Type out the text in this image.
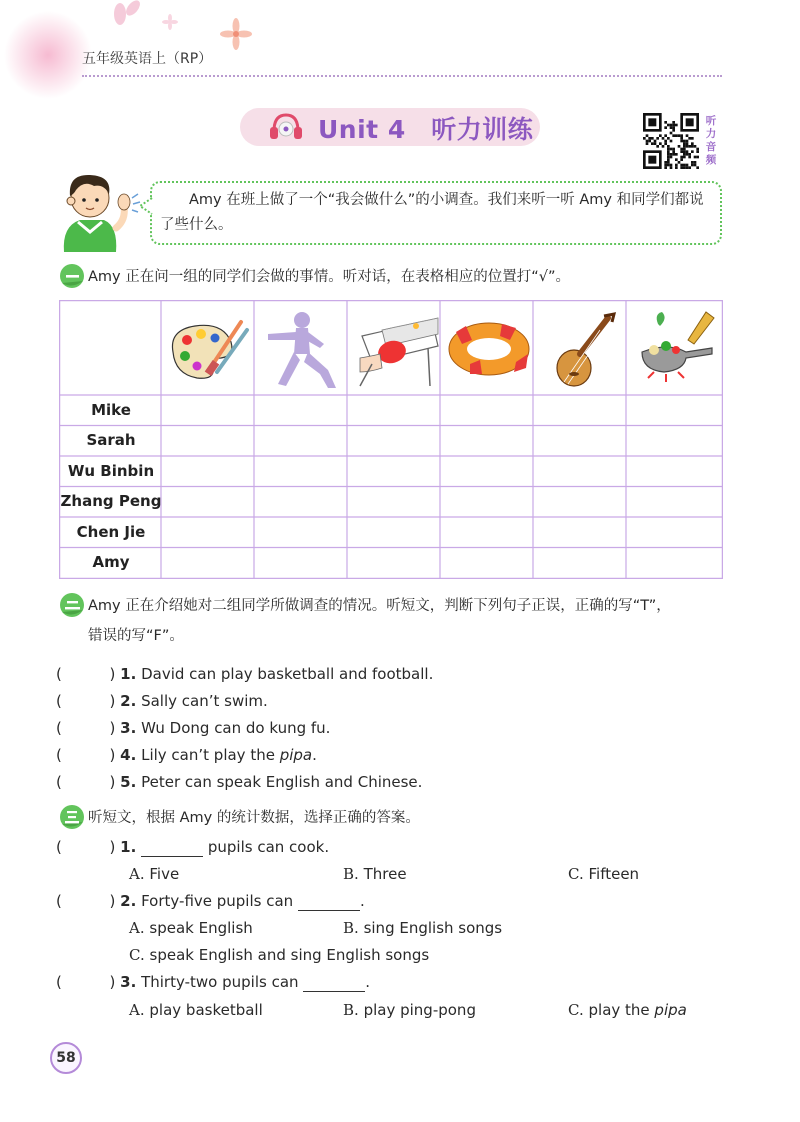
五年级英语上（RP）
Unit 4　听力训练	听力音频
Amy 在班上做了一个“我会做什么”的小调查。我们来听一听 Amy 和同学们都说了些什么。
Amy 正在问一组的同学们会做的事情。听对话，在表格相应的位置打“√”。
Mike
Sarah
Wu Binbin
Zhang Peng
Chen Jie
Amy
Amy 正在介绍她对二组同学所做调查的情况。听短文，判断下列句子正误，正确的写“T”，
错误的写“F”。
(          ) 1. David can play basketball and football.
(          ) 2. Sally can’t swim.
(          ) 3. Wu Dong can do kung fu.
(          ) 4. Lily can’t play the pipa.
(          ) 5. Peter can speak English and Chinese.
听短文，根据 Amy 的统计数据，选择正确的答案。
(          ) 1.	pupils can cook.
A. Five	B. Three	C. Fifteen
(          ) 2. Forty-five pupils can	.
A. speak English	B. sing English songs
C. speak English and sing English songs
(          ) 3. Thirty-two pupils can	.
A. play basketball	B. play ping-pong	C. play the pipa
58
